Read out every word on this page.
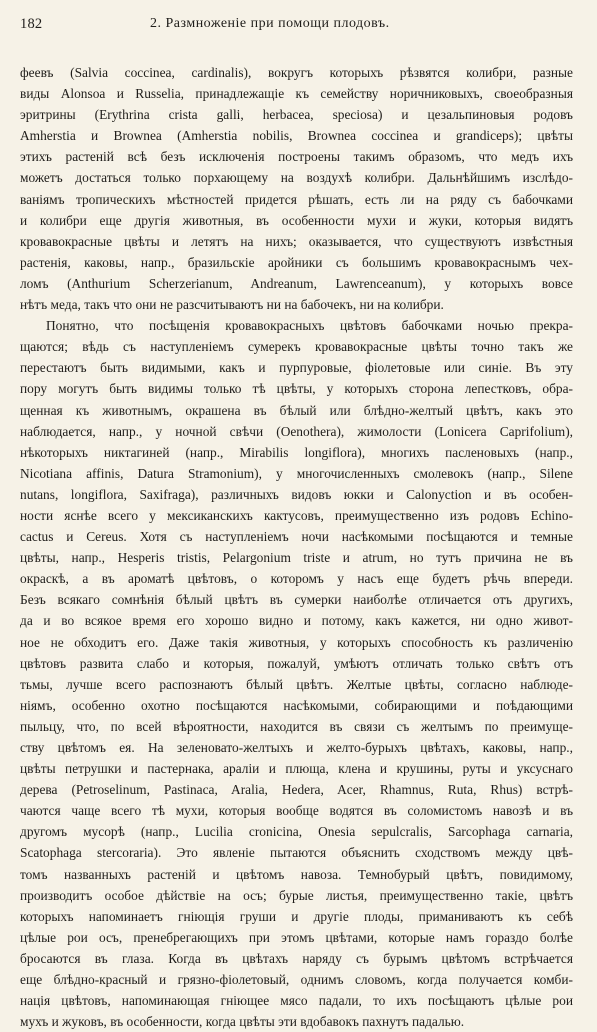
182	2. Размноженіе при помощи плодовъ.
феевъ (Salvia coccinea, cardinalis), вокругъ которыхъ рѣзвятся колибри, разные
виды Alonsoa и Russelia, принадлежащіе къ семейству норичниковыхъ, своеобразныя
эритрины (Erythrina crista galli, herbacea, speciosa) и цезальпиновыя родовъ
Amherstia и Brownea (Amherstia nobilis, Brownea coccinea и grandiceps); цвѣты
этихъ растеній всѣ безъ исключенія построены такимъ образомъ, что медъ ихъ
можетъ достаться только порхающему на воздухѣ колибри. Дальнѣйшимъ изслѣдо-
ваніямъ тропическихъ мѣстностей придется рѣшать, есть ли на ряду съ бабочками
и колибри еще другія животныя, въ особенности мухи и жуки, которыя видятъ
кровавокрасные цвѣты и летятъ на нихъ; оказывается, что существуютъ извѣстныя
растенія, каковы, напр., бразильскіе аройники съ большимъ кровавокраснымъ чех-
ломъ (Anthurium Scherzerianum, Andreanum, Lawrenceanum), у которыхъ вовсе
нѣтъ меда, такъ что они не разсчитываютъ ни на бабочекъ, ни на колибри.
Понятно, что посѣщенія кровавокрасныхъ цвѣтовъ бабочками ночью прекра-
щаются; вѣдь съ наступленіемъ сумерекъ кровавокрасные цвѣты точно такъ же
перестаютъ быть видимыми, какъ и пурпуровые, фіолетовые или синіе. Въ эту
пору могутъ быть видимы только тѣ цвѣты, у которыхъ сторона лепестковъ, обра-
щенная къ животнымъ, окрашена въ бѣлый или блѣдно-желтый цвѣтъ, какъ это
наблюдается, напр., у ночной свѣчи (Oenothera), жимолости (Lonicera Caprifolium),
нѣкоторыхъ никтагиней (напр., Mirabilis longiflora), многихъ пасленовыхъ (напр.,
Nicotiana affinis, Datura Stramonium), у многочисленныхъ смолевокъ (напр., Silene
nutans, longiflora, Saxifraga), различныхъ видовъ юкки и Calonyction и въ особен-
ности яснѣе всего у мексиканскихъ кактусовъ, преимущественно изъ родовъ Echino-
cactus и Cereus. Хотя съ наступленіемъ ночи насѣкомыми посѣщаются и темные
цвѣты, напр., Hesperis tristis, Pelargonium triste и atrum, но тутъ причина не въ
окраскѣ, а въ ароматѣ цвѣтовъ, о которомъ у насъ еще будетъ рѣчь впереди.
Безъ всякаго сомнѣнія бѣлый цвѣтъ въ сумерки наиболѣе отличается отъ другихъ,
да и во всякое время его хорошо видно и потому, какъ кажется, ни одно живот-
ное не обходитъ его. Даже такія животныя, у которыхъ способность къ различенію
цвѣтовъ развита слабо и которыя, пожалуй, умѣютъ отличать только свѣтъ отъ
тьмы, лучше всего распознаютъ бѣлый цвѣтъ. Желтые цвѣты, согласно наблюде-
ніямъ, особенно охотно посѣщаются насѣкомыми, собирающими и поѣдающими
пыльцу, что, по всей вѣроятности, находится въ связи съ желтымъ по преимуще-
ству цвѣтомъ ея. На зеленовато-желтыхъ и желто-бурыхъ цвѣтахъ, каковы, напр.,
цвѣты петрушки и пастернака, араліи и плюща, клена и крушины, руты и уксуснаго
дерева (Petroselinum, Pastinaca, Aralia, Hedera, Acer, Rhamnus, Ruta, Rhus) встрѣ-
чаются чаще всего тѣ мухи, которыя вообще водятся въ соломистомъ навозѣ и въ
другомъ мусорѣ (напр., Lucilia cronicina, Onesia sepulcralis, Sarcophaga carnaria,
Scatophaga stercoraria). Это явленіе пытаются объяснить сходствомъ между цвѣ-
томъ названныхъ растеній и цвѣтомъ навоза. Темнобурый цвѣтъ, повидимому,
производитъ особое дѣйствіе на осъ; бурые листья, преимущественно такіе, цвѣтъ
которыхъ напоминаетъ гніющія груши и другіе плоды, приманиваютъ къ себѣ
цѣлые рои осъ, пренебрегающихъ при этомъ цвѣтами, которые намъ гораздо болѣе
бросаются въ глаза. Когда въ цвѣтахъ наряду съ бурымъ цвѣтомъ встрѣчается
еще блѣдно-красный и грязно-фіолетовый, однимъ словомъ, когда получается комби-
нація цвѣтовъ, напоминающая гніющее мясо падали, то ихъ посѣщаютъ цѣлые рои
мухъ и жуковъ, въ особенности, когда цвѣты эти вдобавокъ пахнутъ падалью.
